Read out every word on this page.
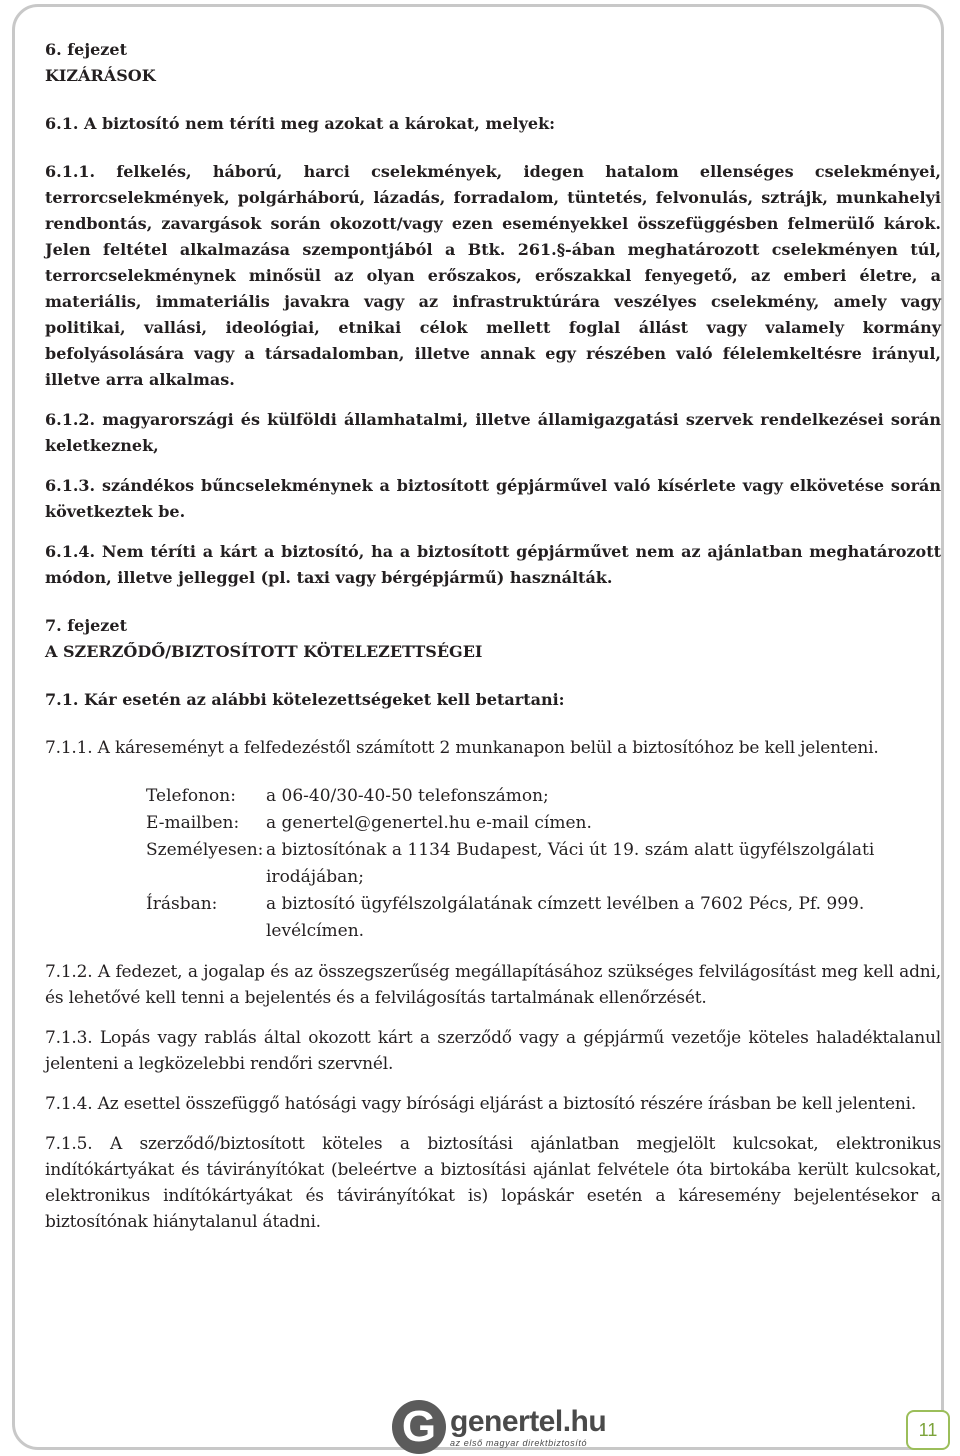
6. fejezet
KIZÁRÁSOK
6.1. A biztosító nem téríti meg azokat a károkat, melyek:

6.1.1. felkelés, háború, harci cselekmények, idegen hatalom ellenséges cselekményei, terrorcselekmények, polgárháború, lázadás, forradalom, tüntetés, felvonulás, sztrájk, munkahelyi rendbontás, zavargások során okozott/vagy ezen eseményekkel összefüggésben felmerülő károk. Jelen feltétel alkalmazása szempontjából a Btk. 261.§-ában meghatározott cselekményen túl, terrorcselekménynek minősül az olyan erőszakos, erőszakkal fenyegető, az emberi életre, a materiális, immateriális javakra vagy az infrastruktúrára veszélyes cselekmény, amely vagy politikai, vallási, ideológiai, etnikai célok mellett foglal állást vagy valamely kormány befolyásolására vagy a társadalomban, illetve annak egy részében való félelemkeltésre irányul, illetve arra alkalmas.

6.1.2. magyarországi és külföldi államhatalmi, illetve államigazgatási szervek rendelkezései során keletkeznek,

6.1.3. szándékos bűncselekménynek a biztosított gépjárművel való kísérlete vagy elkövetése során következtek be.

6.1.4. Nem téríti a kárt a biztosító, ha a biztosított gépjárművet nem az ajánlatban meghatározott módon, illetve jelleggel (pl. taxi vagy bérgépjármű) használták.

7. fejezet
A SZERZŐDŐ/BIZTOSÍTOTT KÖTELEZETTSÉGEI
7.1. Kár esetén az alábbi kötelezettségeket kell betartani:

7.1.1. A káreseményt a felfedezéstől számított 2 munkanapon belül a biztosítóhoz be kell jelenteni.

Telefonon:	a 06-40/30-40-50 telefonszámon;
E-mailben:	a genertel@genertel.hu e-mail címen.
Személyesen: a biztosítónak a 1134 Budapest, Váci út 19. szám alatt ügyfélszolgálati irodájában;
Írásban:	a biztosító ügyfélszolgálatának címzett levélben a 7602 Pécs, Pf. 999. levélcímen.

7.1.2. A fedezet, a jogalap és az összegszerűség megállapításához szükséges felvilágosítást meg kell adni, és lehetővé kell tenni a bejelentés és a felvilágosítás tartalmának ellenőrzését.

7.1.3. Lopás vagy rablás által okozott kárt a szerződő vagy a gépjármű vezetője köteles haladéktalanul jelenteni a legközelebbi rendőri szervnél.

7.1.4. Az esettel összefüggő hatósági vagy bírósági eljárást a biztosító részére írásban be kell jelenteni.

7.1.5. A szerződő/biztosított köteles a biztosítási ajánlatban megjelölt kulcsokat, elektronikus indítókártyákat és távirányítókat (beleértve a biztosítási ajánlat felvétele óta birtokába került kulcsokat, elektronikus indítókártyákat és távirányítókat is) lopáskár esetén a káresemény bejelentésekor a biztosítónak hiánytalanul átadni.

G genertel.hu
az első magyar direktbiztosító
11
